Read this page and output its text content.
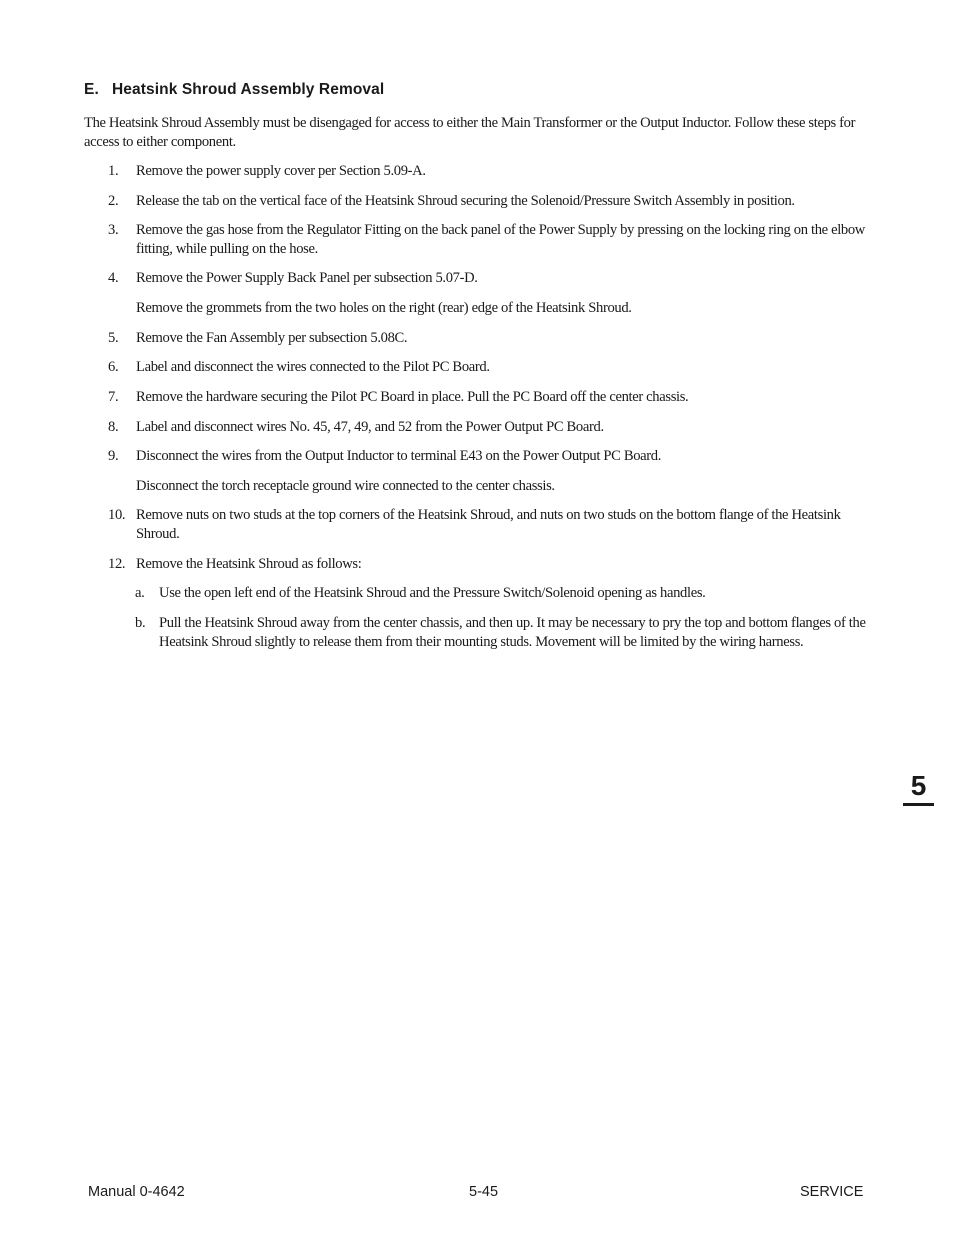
E. Heatsink Shroud Assembly Removal
The Heatsink Shroud Assembly must be disengaged for access to either the Main Transformer or the Output Inductor. Follow these steps for access to either component.
1.	Remove the power supply cover per Section 5.09-A.
2.	Release the tab on the vertical face of the Heatsink Shroud securing the Solenoid/Pressure Switch Assembly in position.
3.	Remove the gas hose from the Regulator Fitting on the back panel of the Power Supply by pressing on the locking ring on the elbow fitting, while pulling on the hose.
4.	Remove the Power Supply Back Panel per subsection 5.07-D.
Remove the grommets from the two holes on the right (rear) edge of the Heatsink Shroud.
5.	Remove the Fan Assembly per subsection 5.08C.
6.	Label and disconnect the wires connected to the Pilot PC Board.
7.	Remove the hardware securing the Pilot PC Board in place. Pull the PC Board off the center chassis.
8.	Label and disconnect wires No. 45, 47, 49, and 52 from the Power Output PC Board.
9.	Disconnect the wires from the Output Inductor to terminal E43 on the Power Output PC Board.
Disconnect the torch receptacle ground wire connected to the center chassis.
10. Remove nuts on two studs at the top corners of the Heatsink Shroud, and nuts on two studs on the bottom flange of the Heatsink Shroud.
12. Remove the Heatsink Shroud as follows:
a. Use the open left end of the Heatsink Shroud and the Pressure Switch/Solenoid opening as handles.
b. Pull the Heatsink Shroud away from the center chassis, and then up. It may be necessary to pry the top and bottom flanges of the Heatsink Shroud slightly to release them from their mounting studs. Movement will be limited by the wiring harness.
5
Manual 0-4642	5-45	SERVICE
